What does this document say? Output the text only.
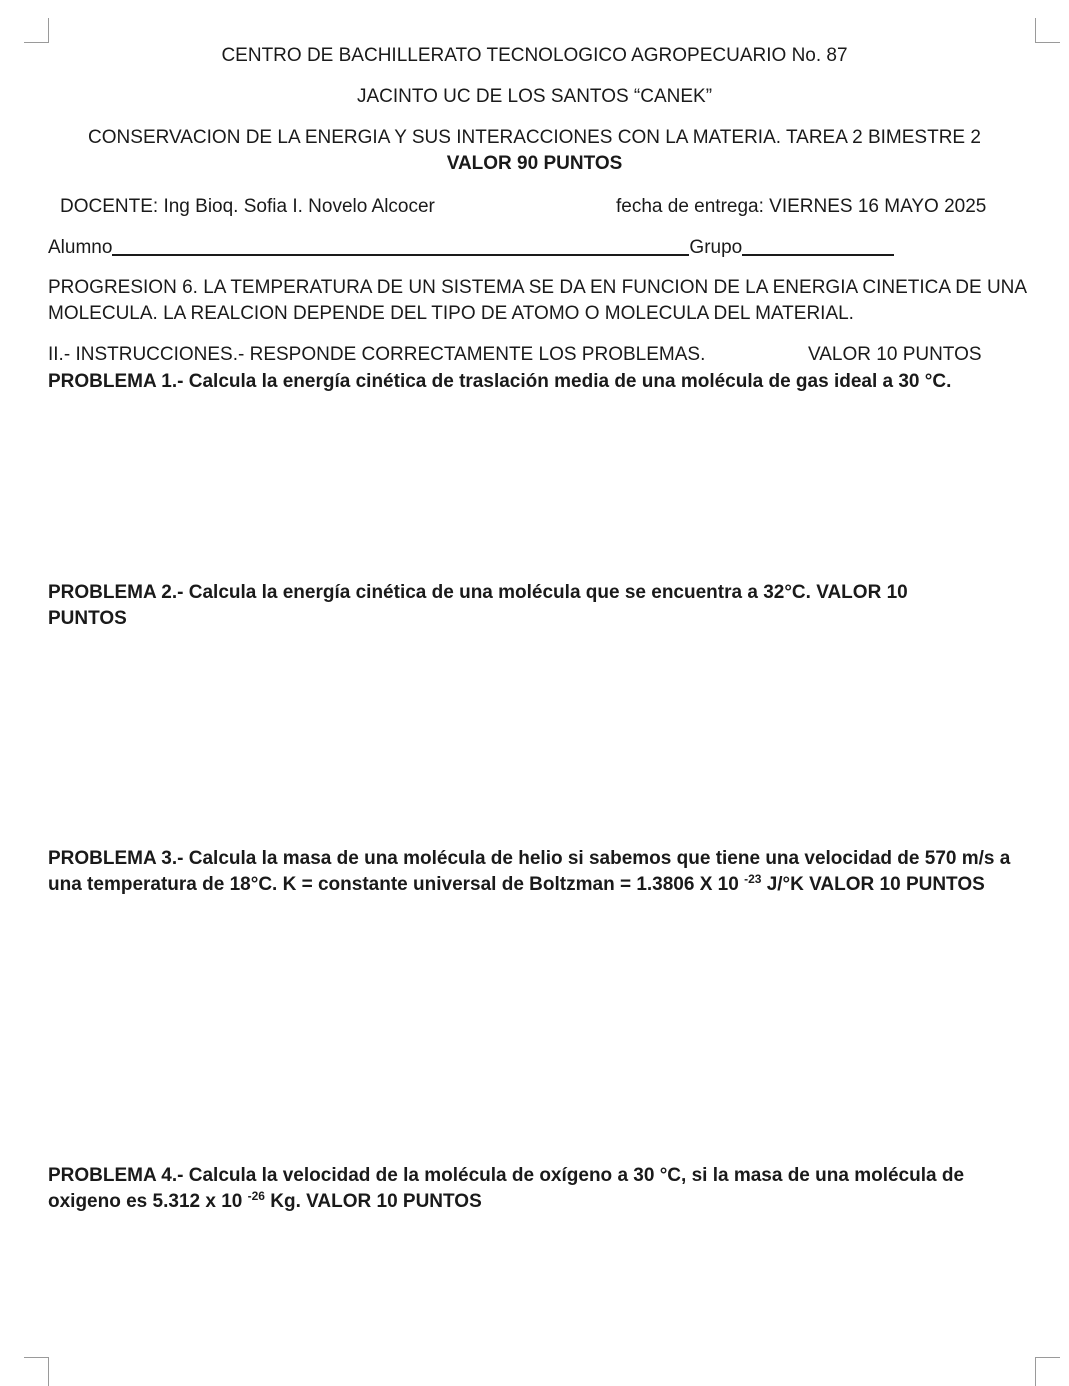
CENTRO DE BACHILLERATO TECNOLOGICO AGROPECUARIO No. 87
JACINTO UC DE LOS SANTOS “CANEK”
CONSERVACION DE LA ENERGIA Y SUS INTERACCIONES CON LA MATERIA. TAREA 2 BIMESTRE 2
VALOR 90 PUNTOS
DOCENTE: Ing Bioq. Sofia I. Novelo Alcocer	fecha de entrega: VIERNES 16 MAYO 2025
Alumno	Grupo
PROGRESION 6. LA TEMPERATURA DE UN SISTEMA SE DA EN FUNCION DE LA ENERGIA CINETICA DE UNA MOLECULA. LA REALCION DEPENDE DEL TIPO DE ATOMO O MOLECULA DEL MATERIAL.
II.- INSTRUCCIONES.- RESPONDE CORRECTAMENTE LOS PROBLEMAS.	VALOR 10 PUNTOS
PROBLEMA 1.- Calcula la energía cinética de traslación media de una molécula de gas ideal a 30 °C.
PROBLEMA 2.- Calcula la energía cinética de una molécula que se encuentra a 32°C. VALOR 10 PUNTOS
PROBLEMA 3.- Calcula la masa de una molécula de helio si sabemos que tiene una velocidad de 570 m/s a una temperatura de 18°C. K = constante universal de Boltzman = 1.3806 X 10 $^{-23}$ J/°K VALOR 10 PUNTOS
PROBLEMA 4.- Calcula la velocidad de la molécula de oxígeno a 30 °C, si la masa de una molécula de oxigeno es 5.312 x 10 $^{-26}$ Kg. VALOR 10 PUNTOS
